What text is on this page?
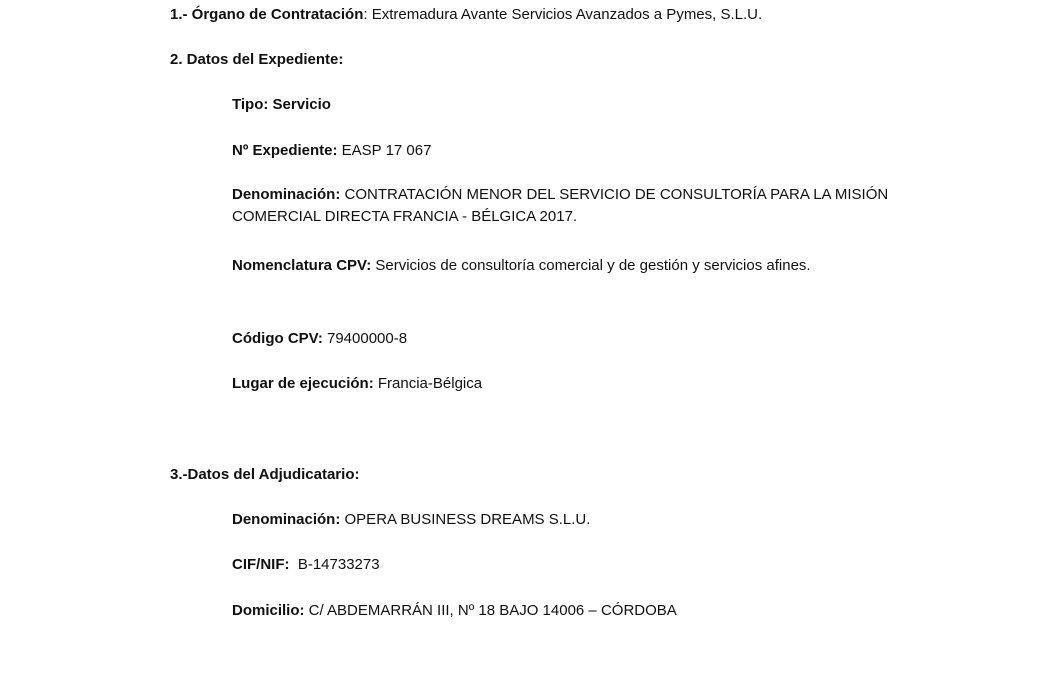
1.- Órgano de Contratación: Extremadura Avante Servicios Avanzados a Pymes, S.L.U.
2. Datos del Expediente:
Tipo: Servicio
Nº Expediente: EASP 17 067
Denominación: CONTRATACIÓN MENOR DEL SERVICIO DE CONSULTORÍA PARA LA MISIÓN COMERCIAL DIRECTA FRANCIA - BÉLGICA 2017.
Nomenclatura CPV: Servicios de consultoría comercial y de gestión y servicios afines.
Código CPV: 79400000-8
Lugar de ejecución: Francia-Bélgica
3.-Datos del Adjudicatario:
Denominación: OPERA BUSINESS DREAMS S.L.U.
CIF/NIF:  B-14733273
Domicilio: C/ ABDEMARRÁN III, Nº 18 BAJO 14006 – CÓRDOBA
